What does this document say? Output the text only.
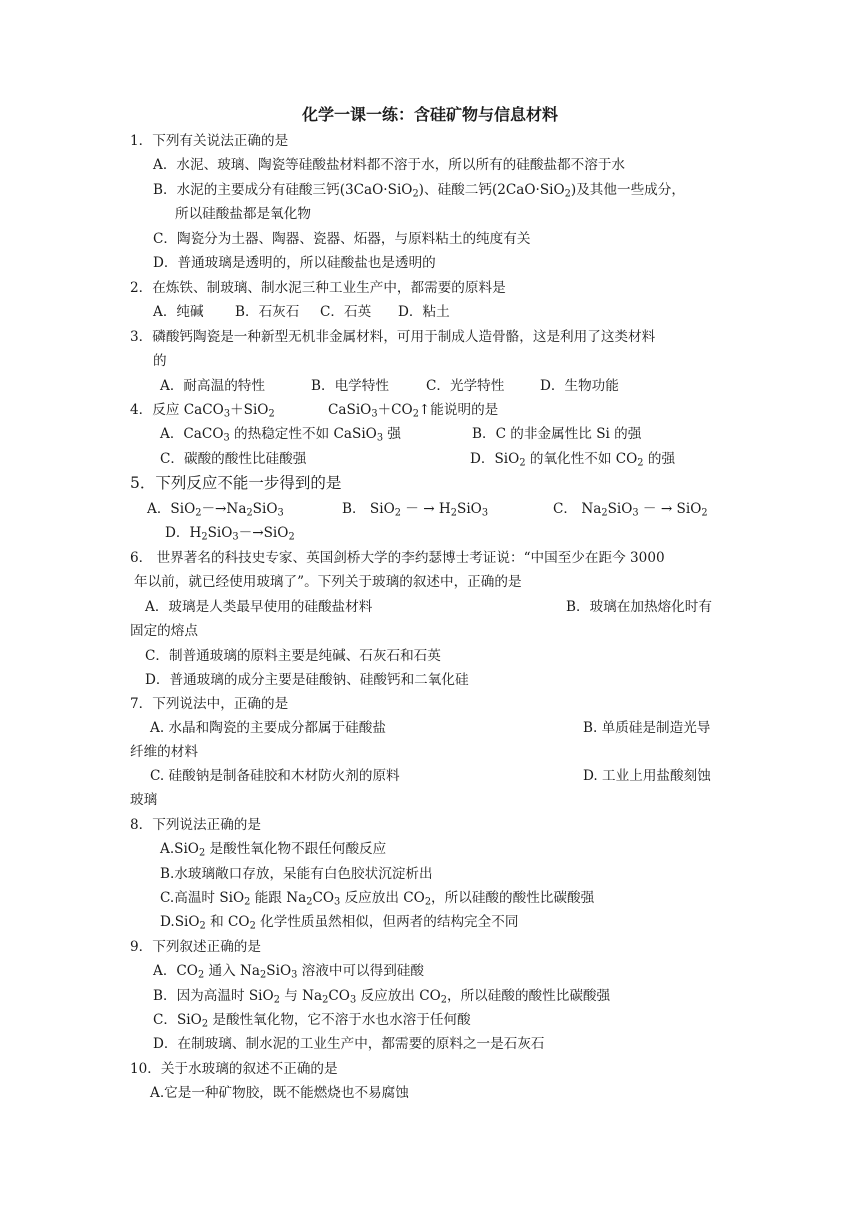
化学一课一练：含硅矿物与信息材料
1．下列有关说法正确的是
A．水泥、玻璃、陶瓷等硅酸盐材料都不溶于水，所以所有的硅酸盐都不溶于水
B．水泥的主要成分有硅酸三钙(3CaO·SiO$_2$)、硅酸二钙(2CaO·SiO$_2$)及其他一些成分，
所以硅酸盐都是氧化物
C．陶瓷分为土器、陶器、瓷器、炻器，与原料粘土的纯度有关
D．普通玻璃是透明的，所以硅酸盐也是透明的
2．在炼铁、制玻璃、制水泥三种工业生产中，都需要的原料是
A．纯碱 B．石灰石 C．石英 D．粘土
3．磷酸钙陶瓷是一种新型无机非金属材料，可用于制成人造骨骼，这是利用了这类材料
的
A．耐高温的特性	B．电学特性	C．光学特性	D．生物功能
4．反应 CaCO$_3$＋SiO$_2$	$CaSiO_3+CO_2↑$能说明的是
A．CaCO$_3$ 的热稳定性不如 CaSiO$_3$ 强	B．C 的非金属性比 Si 的强
C．碳酸的酸性比硅酸强	D．SiO$_2$ 的氧化性不如 $CO_2$ 的强
5．下列反应不能一步得到的是
A．$SiO_2-\to Na_2SiO_3$	B． SiO$_2$ － → $H_2SiO_3$	C． $Na_2SiO_3$ － → SiO$_2$
D．$H_2SiO_3-\to SiO_2$
6． 世界著名的科技史专家、英国剑桥大学的李约瑟博士考证说：“中国至少在距今 3000
年以前，就已经使用玻璃了”。下列关于玻璃的叙述中，正确的是
A．玻璃是人类最早使用的硅酸盐材料	B．玻璃在加热熔化时有
固定的熔点
C．制普通玻璃的原料主要是纯碱、石灰石和石英
D．普通玻璃的成分主要是硅酸钠、硅酸钙和二氧化硅
7．下列说法中，正确的是
A. 水晶和陶瓷的主要成分都属于硅酸盐	B. 单质硅是制造光导
纤维的材料
C. 硅酸钠是制备硅胶和木材防火剂的原料	D. 工业上用盐酸刻蚀
玻璃
8．下列说法正确的是
A.SiO$_2$ 是酸性氧化物不跟任何酸反应
B.水玻璃敞口存放，呆能有白色胶状沉淀析出
C.高温时 SiO$_2$ 能跟 $Na_2CO_3$ 反应放出 $CO_2$，所以硅酸的酸性比碳酸强
D.SiO$_2$ 和 $CO_2$ 化学性质虽然相似，但两者的结构完全不同
9．下列叙述正确的是
A．$CO_2$ 通入 $Na_2SiO_3$ 溶液中可以得到硅酸
B．因为高温时 SiO$_2$ 与 $Na_2CO_3$ 反应放出 $CO_2$，所以硅酸的酸性比碳酸强
C．SiO$_2$ 是酸性氧化物，它不溶于水也水溶于任何酸
D．在制玻璃、制水泥的工业生产中，都需要的原料之一是石灰石
10．关于水玻璃的叙述不正确的是
A.它是一种矿物胶，既不能燃烧也不易腐蚀
